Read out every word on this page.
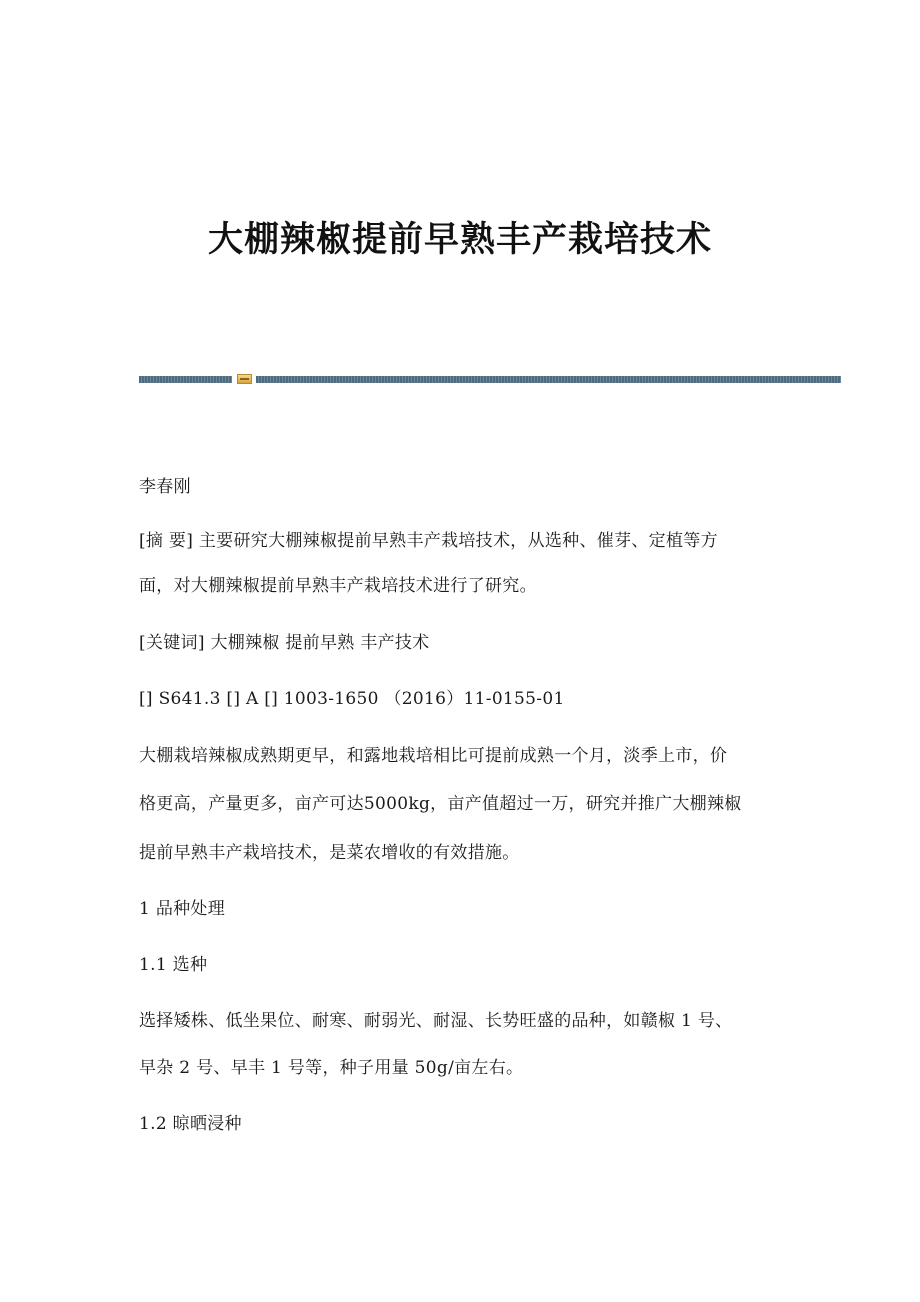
大棚辣椒提前早熟丰产栽培技术

李春刚

[摘 要] 主要研究大棚辣椒提前早熟丰产栽培技术，从选种、催芽、定植等方

面，对大棚辣椒提前早熟丰产栽培技术进行了研究。

[关键词] 大棚辣椒 提前早熟 丰产技术

[] S641.3 [] A [] 1003-1650 （2016）11-0155-01

大棚栽培辣椒成熟期更早，和露地栽培相比可提前成熟一个月，淡季上市，价

格更高，产量更多，亩产可达5000kg，亩产值超过一万，研究并推广大棚辣椒

提前早熟丰产栽培技术，是菜农增收的有效措施。

1 品种处理

1.1 选种

选择矮株、低坐果位、耐寒、耐弱光、耐湿、长势旺盛的品种，如赣椒 1 号、

早杂 2 号、早丰 1 号等，种子用量 50g/亩左右。

1.2 晾晒浸种
